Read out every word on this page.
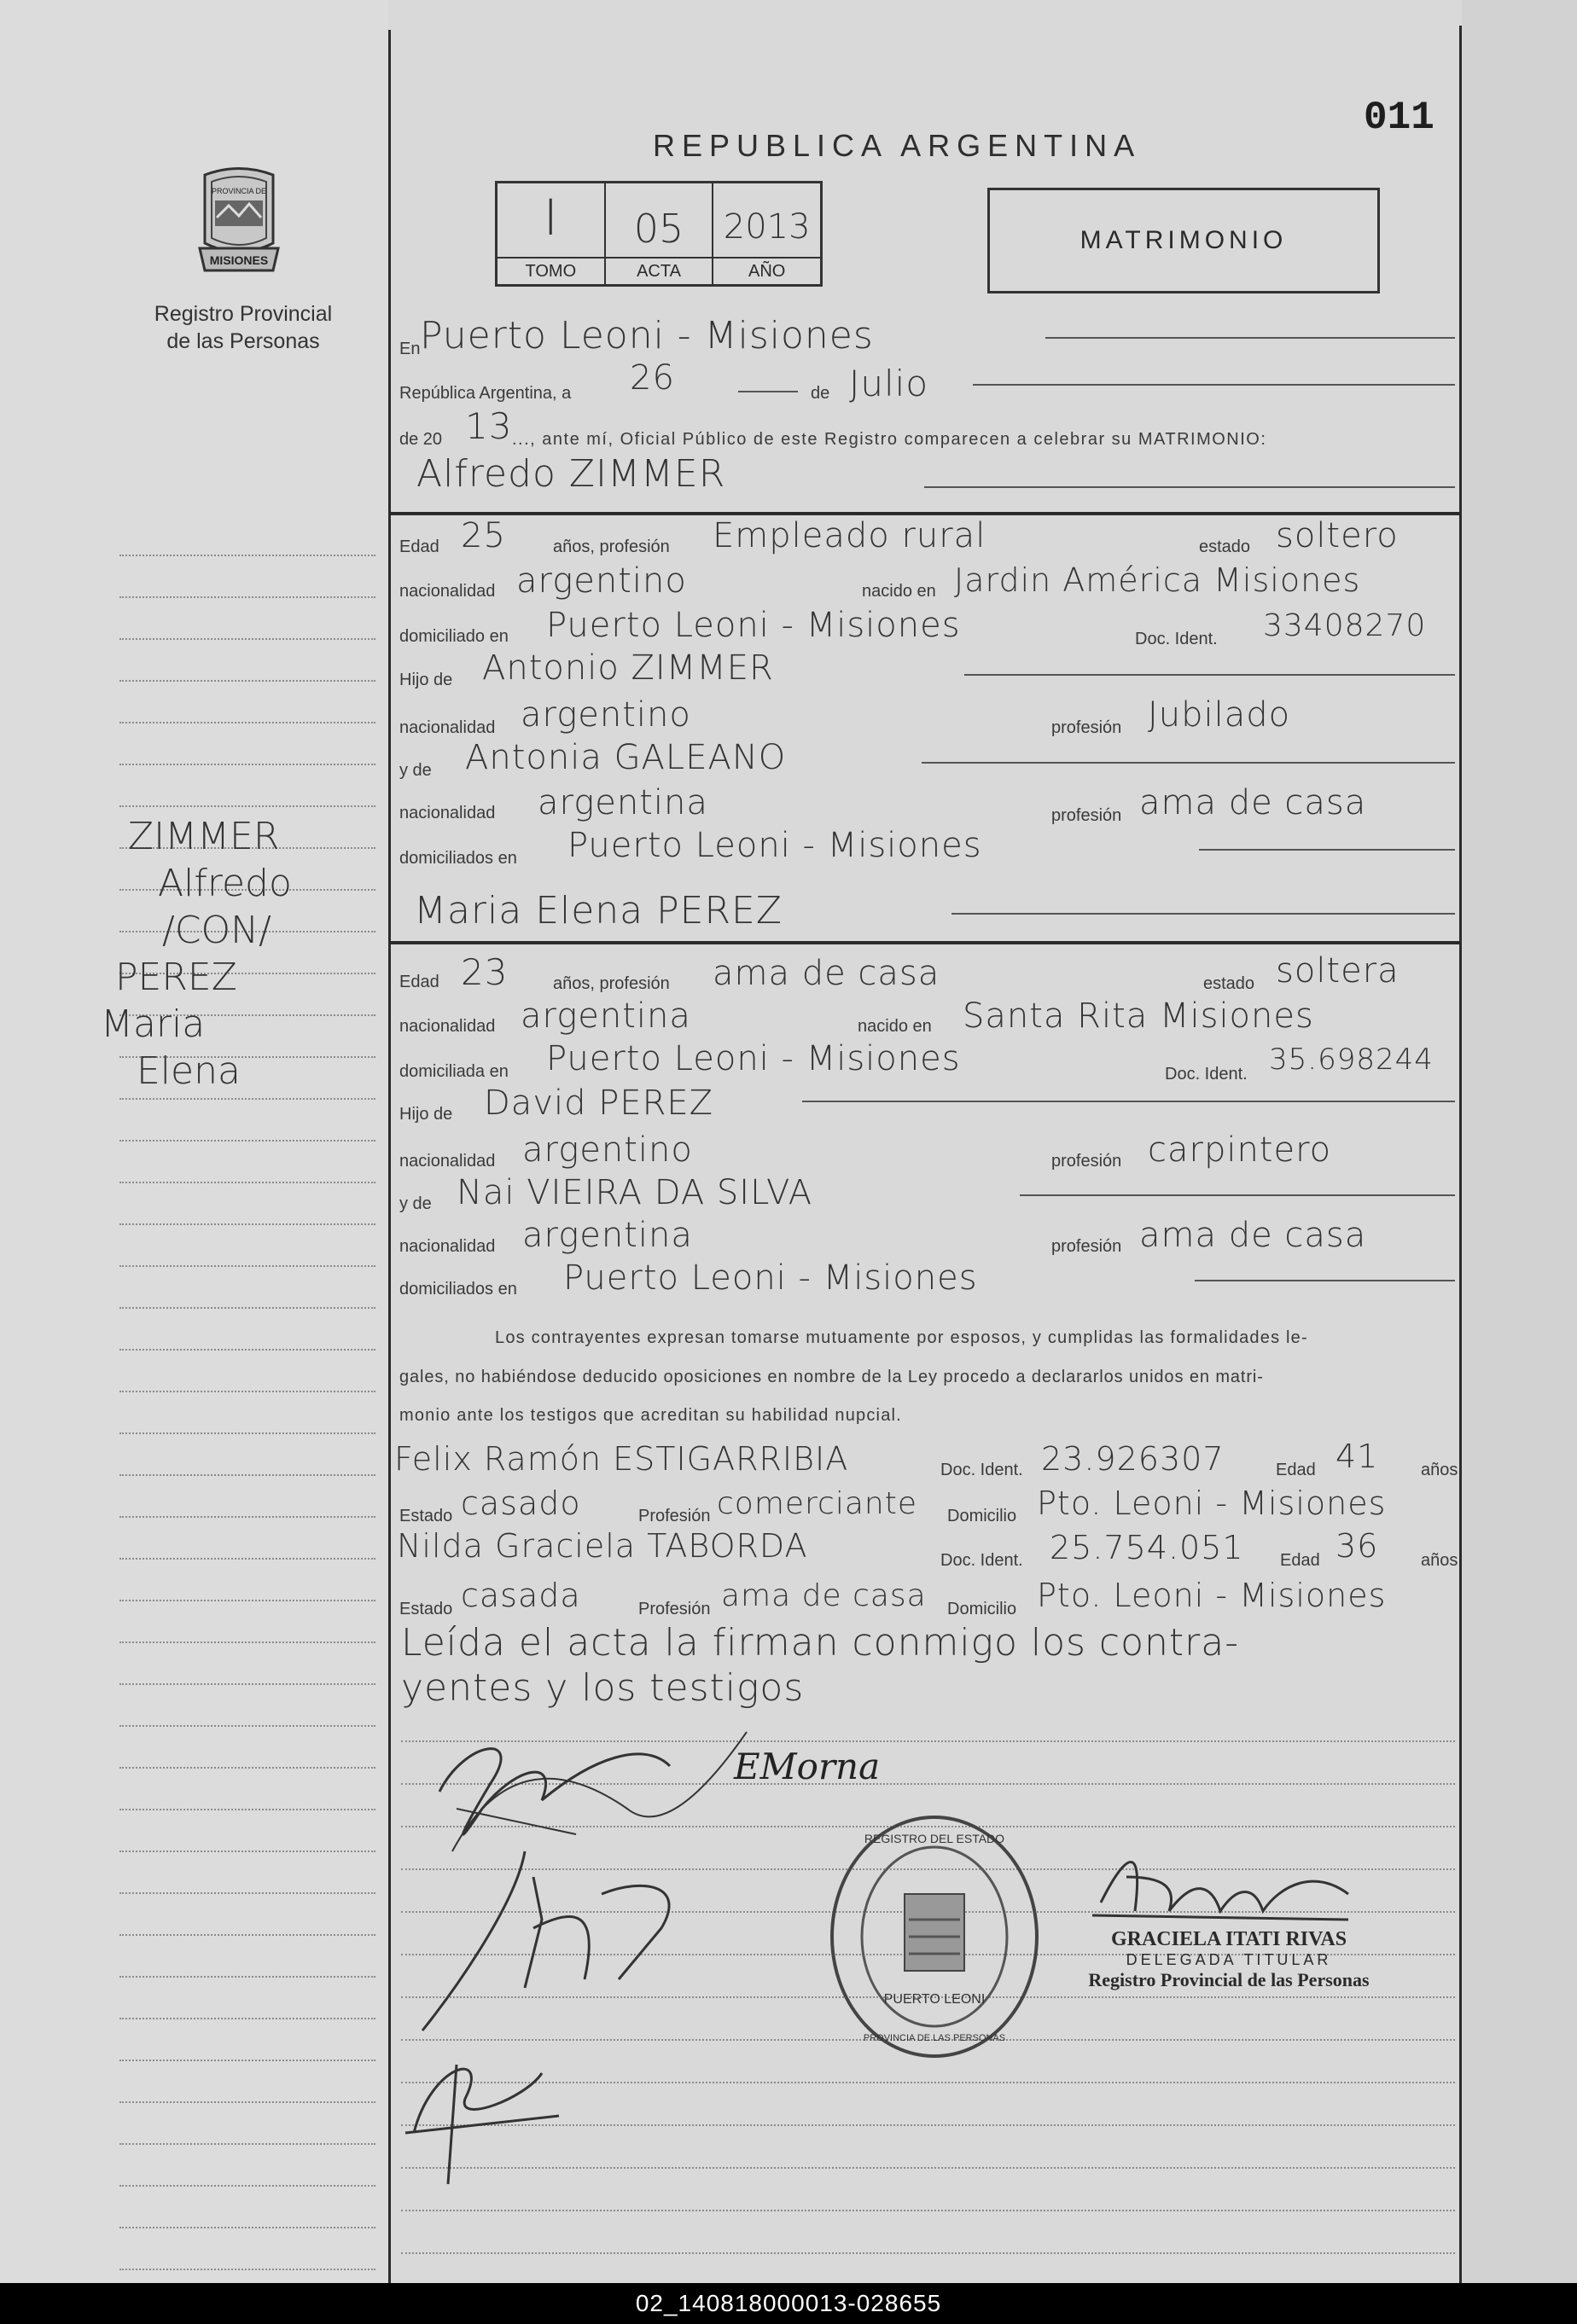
PROVINCIA DE
MISIONES
Registro Provincial
de las Personas
REPUBLICA ARGENTINA
011
I
TOMO
05
ACTA
2013
AÑO
MATRIMONIO
ZIMMER
Alfredo
/CON/
PEREZ
Maria
Elena
En Puerto Leoni - Misiones
República Argentina, a 26	de Julio
de 20 13 ..., ante mí, Oficial Público de este Registro comparecen a celebrar su MATRIMONIO:
Alfredo ZIMMER
Edad 25	años, profesión Empleado rural	estado soltero
nacionalidad argentino	nacido en Jardin América Misiones
domiciliado en Puerto Leoni - Misiones	Doc. Ident. 33408270
Hijo de Antonio ZIMMER
nacionalidad argentino	profesión Jubilado
y de Antonia GALEANO
nacionalidad argentina	profesión ama de casa
domiciliados en Puerto Leoni - Misiones
Maria Elena PEREZ
Edad 23	años, profesión ama de casa	estado soltera
nacionalidad argentina	nacido en Santa Rita Misiones
domiciliada en Puerto Leoni - Misiones	Doc. Ident. 35.698244
Hijo de David PEREZ
nacionalidad argentino	profesión carpintero
y de Nai VIEIRA DA SILVA
nacionalidad argentina	profesión ama de casa
domiciliados en Puerto Leoni - Misiones
Los contrayentes expresan tomarse mutuamente por esposos, y cumplidas las formalidades le-
gales, no habiéndose deducido oposiciones en nombre de la Ley procedo a declararlos unidos en matri-
monio ante los testigos que acreditan su habilidad nupcial.
Felix Ramón ESTIGARRIBIA	Doc. Ident. 23.926307	Edad 41 años
Estado casado	Profesión comerciante Domicilio Pto. Leoni - Misiones
Nilda Graciela TABORDA	Doc. Ident. 25.754.051 Edad 36 años
Estado casada	Profesión ama de casa Domicilio Pto. Leoni - Misiones
Leída el acta la firman conmigo los contra-
yentes y los testigos
EMorna
REGISTRO DEL ESTADO
PUERTO LEONI
PROVINCIA DE LAS PERSONAS
GRACIELA ITATI RIVAS
DELEGADA TITULAR
Registro Provincial de las Personas
02_140818000013-028655
